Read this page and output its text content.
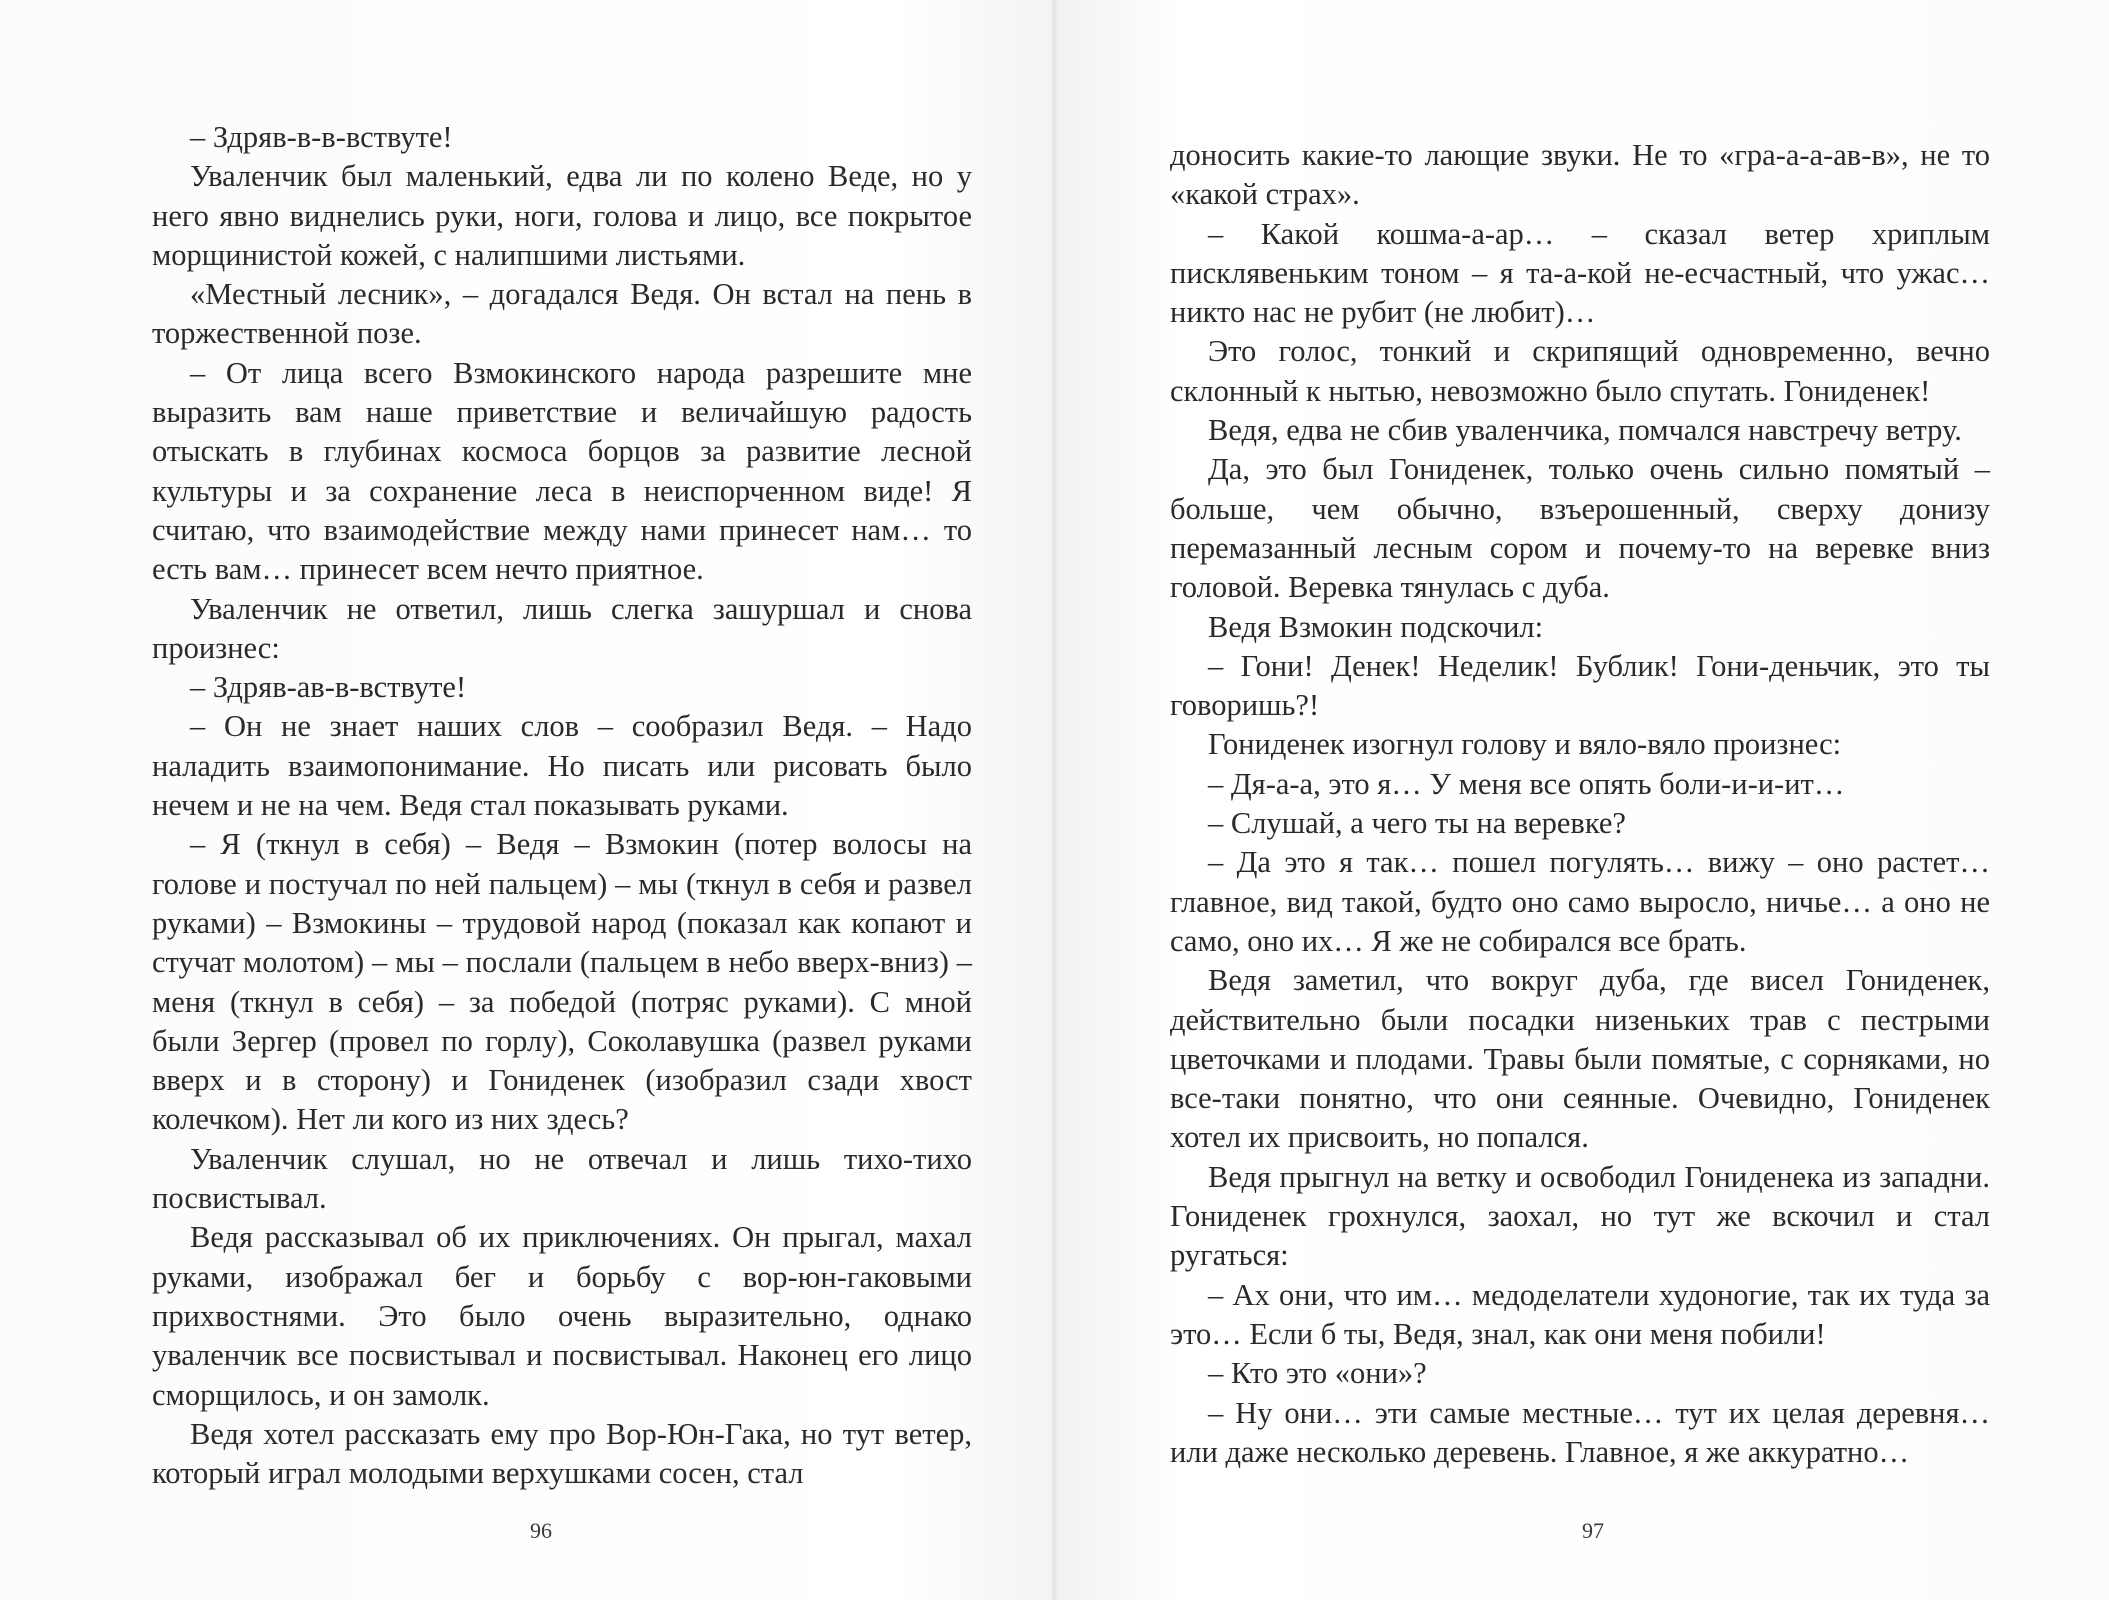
– Здряв-в-в-вствуте!

Уваленчик был маленький, едва ли по колено Веде, но у него явно виднелись руки, ноги, голова и лицо, все покрытое морщинистой кожей, с налипшими листьями.

«Местный лесник», – догадался Ведя. Он встал на пень в торжественной позе.

– От лица всего Взмокинского народа разрешите мне выразить вам наше приветствие и величайшую радость отыскать в глубинах космоса борцов за развитие лесной культуры и за сохранение леса в неиспорченном виде! Я считаю, что взаимодействие между нами принесет нам… то есть вам… принесет всем нечто приятное.

Уваленчик не ответил, лишь слегка зашуршал и снова произнес:

– Здряв-ав-в-вствуте!

– Он не знает наших слов – сообразил Ведя. – Надо наладить взаимопонимание. Но писать или рисовать было нечем и не на чем. Ведя стал показывать руками.

– Я (ткнул в себя) – Ведя – Взмокин (потер волосы на голове и постучал по ней пальцем) – мы (ткнул в себя и развел руками) – Взмокины – трудовой народ (показал как копают и стучат молотом) – мы – послали (пальцем в небо вверх-вниз) – меня (ткнул в себя) – за победой (потряс руками). С мной были Зергер (провел по горлу), Соколавушка (развел руками вверх и в сторону) и Гониденек (изобразил сзади хвост колечком). Нет ли кого из них здесь?

Уваленчик слушал, но не отвечал и лишь тихо-тихо посвистывал.

Ведя рассказывал об их приключениях. Он прыгал, махал руками, изображал бег и борьбу с вор-юн-гаковыми прихвостнями. Это было очень выразительно, однако уваленчик все посвистывал и посвистывал. Наконец его лицо сморщилось, и он замолк.

Ведя хотел рассказать ему про Вор-Юн-Гака, но тут ветер, который играл молодыми верхушками сосен, стал

96

доносить какие-то лающие звуки. Не то «гра-а-а-ав-в», не то «какой страх».

– Какой кошма-а-ар… – сказал ветер хриплым писклявеньким тоном – я та-а-кой не-есчастный, что ужас… никто нас не рубит (не любит)…

Это голос, тонкий и скрипящий одновременно, вечно склонный к нытью, невозможно было спутать. Гониденек!

Ведя, едва не сбив уваленчика, помчался навстречу ветру.

Да, это был Гониденек, только очень сильно помятый – больше, чем обычно, взъерошенный, сверху донизу перемазанный лесным сором и почему-то на веревке вниз головой. Веревка тянулась с дуба.

Ведя Взмокин подскочил:

– Гони! Денек! Неделик! Бублик! Гони-деньчик, это ты говоришь?!

Гониденек изогнул голову и вяло-вяло произнес:

– Дя-а-а, это я… У меня все опять боли-и-и-ит…

– Слушай, а чего ты на веревке?

– Да это я так… пошел погулять… вижу – оно растет… главное, вид такой, будто оно само выросло, ничье… а оно не само, оно их… Я же не собирался все брать.

Ведя заметил, что вокруг дуба, где висел Гониденек, действительно были посадки низеньких трав с пестрыми цветочками и плодами. Травы были помятые, с сорняками, но все-таки понятно, что они сеянные. Очевидно, Гониденек хотел их присвоить, но попался.

Ведя прыгнул на ветку и освободил Гониденека из западни. Гониденек грохнулся, заохал, но тут же вскочил и стал ругаться:

– Ах они, что им… медоделатели худоногие, так их туда за это… Если б ты, Ведя, знал, как они меня побили!

– Кто это «они»?

– Ну они… эти самые местные… тут их целая деревня… или даже несколько деревень. Главное, я же аккуратно…

97
